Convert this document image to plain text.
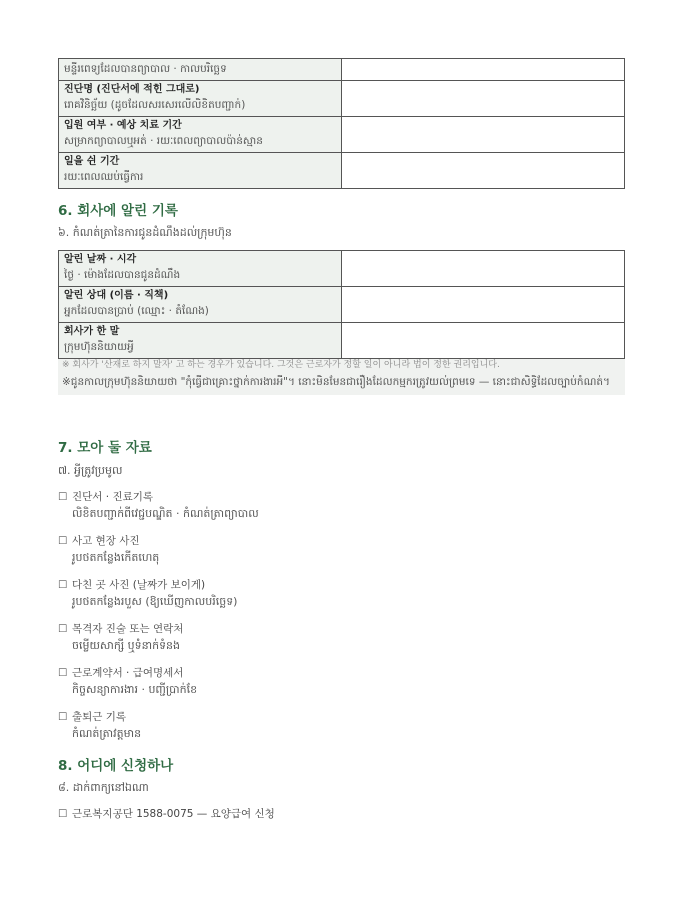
មន្ទីរពេទ្យដែលបានព្យាបាល · កាលបរិច្ឆេទ	

진단명 (진단서에 적힌 그대로)
រោគវិនិច្ឆ័យ (ដូចដែលសរសេរលើលិខិតបញ្ជាក់)	

입원 여부 · 예상 치료 기간
សម្រាកព្យាបាលឬអត់ · រយៈពេលព្យាបាលប៉ាន់ស្មាន	

일을 쉰 기간
រយៈពេលឈប់ធ្វើការ	

6. 회사에 알린 기록

៦. កំណត់ត្រានៃការជូនដំណឹងដល់ក្រុមហ៊ុន

알린 날짜 · 시각
ថ្ងៃ · ម៉ោងដែលបានជូនដំណឹង	

알린 상대 (이름 · 직책)
អ្នកដែលបានប្រាប់ (ឈ្មោះ · តំណែង)	

회사가 한 말
ក្រុមហ៊ុននិយាយអ្វី	

※ 회사가 '산재로 하지 말자' 고 하는 경우가 있습니다. 그것은 근로자가 정할 일이 아니라 법이 정한 권리입니다.
※ជូនកាលក្រុមហ៊ុននិយាយថា "កុំធ្វើជាគ្រោះថ្នាក់ការងារអី"។ នោះមិនមែនជារឿងដែលកម្មករត្រូវយល់ព្រមទេ — នោះជាសិទ្ធិដែលច្បាប់កំណត់។

7. 모아 둘 자료

៧. អ្វីត្រូវប្រមូល

☐ 진단서 · 진료기록
លិខិតបញ្ជាក់ពីវេជ្ជបណ្ឌិត · កំណត់ត្រាព្យាបាល
☐ 사고 현장 사진
រូបថតកន្លែងកើតហេតុ
☐ 다친 곳 사진 (날짜가 보이게)
រូបថតកន្លែងរបួស (ឱ្យឃើញកាលបរិច្ឆេទ)
☐ 목격자 진술 또는 연락처
ចម្លើយសាក្សី ឬទំនាក់ទំនង
☐ 근로계약서 · 급여명세서
កិច្ចសន្យាការងារ · បញ្ជីប្រាក់ខែ
☐ 출퇴근 기록
កំណត់ត្រាវត្តមាន

8. 어디에 신청하나

៨. ដាក់ពាក្យនៅឯណា

☐ 근로복지공단 1588-0075 — 요양급여 신청
